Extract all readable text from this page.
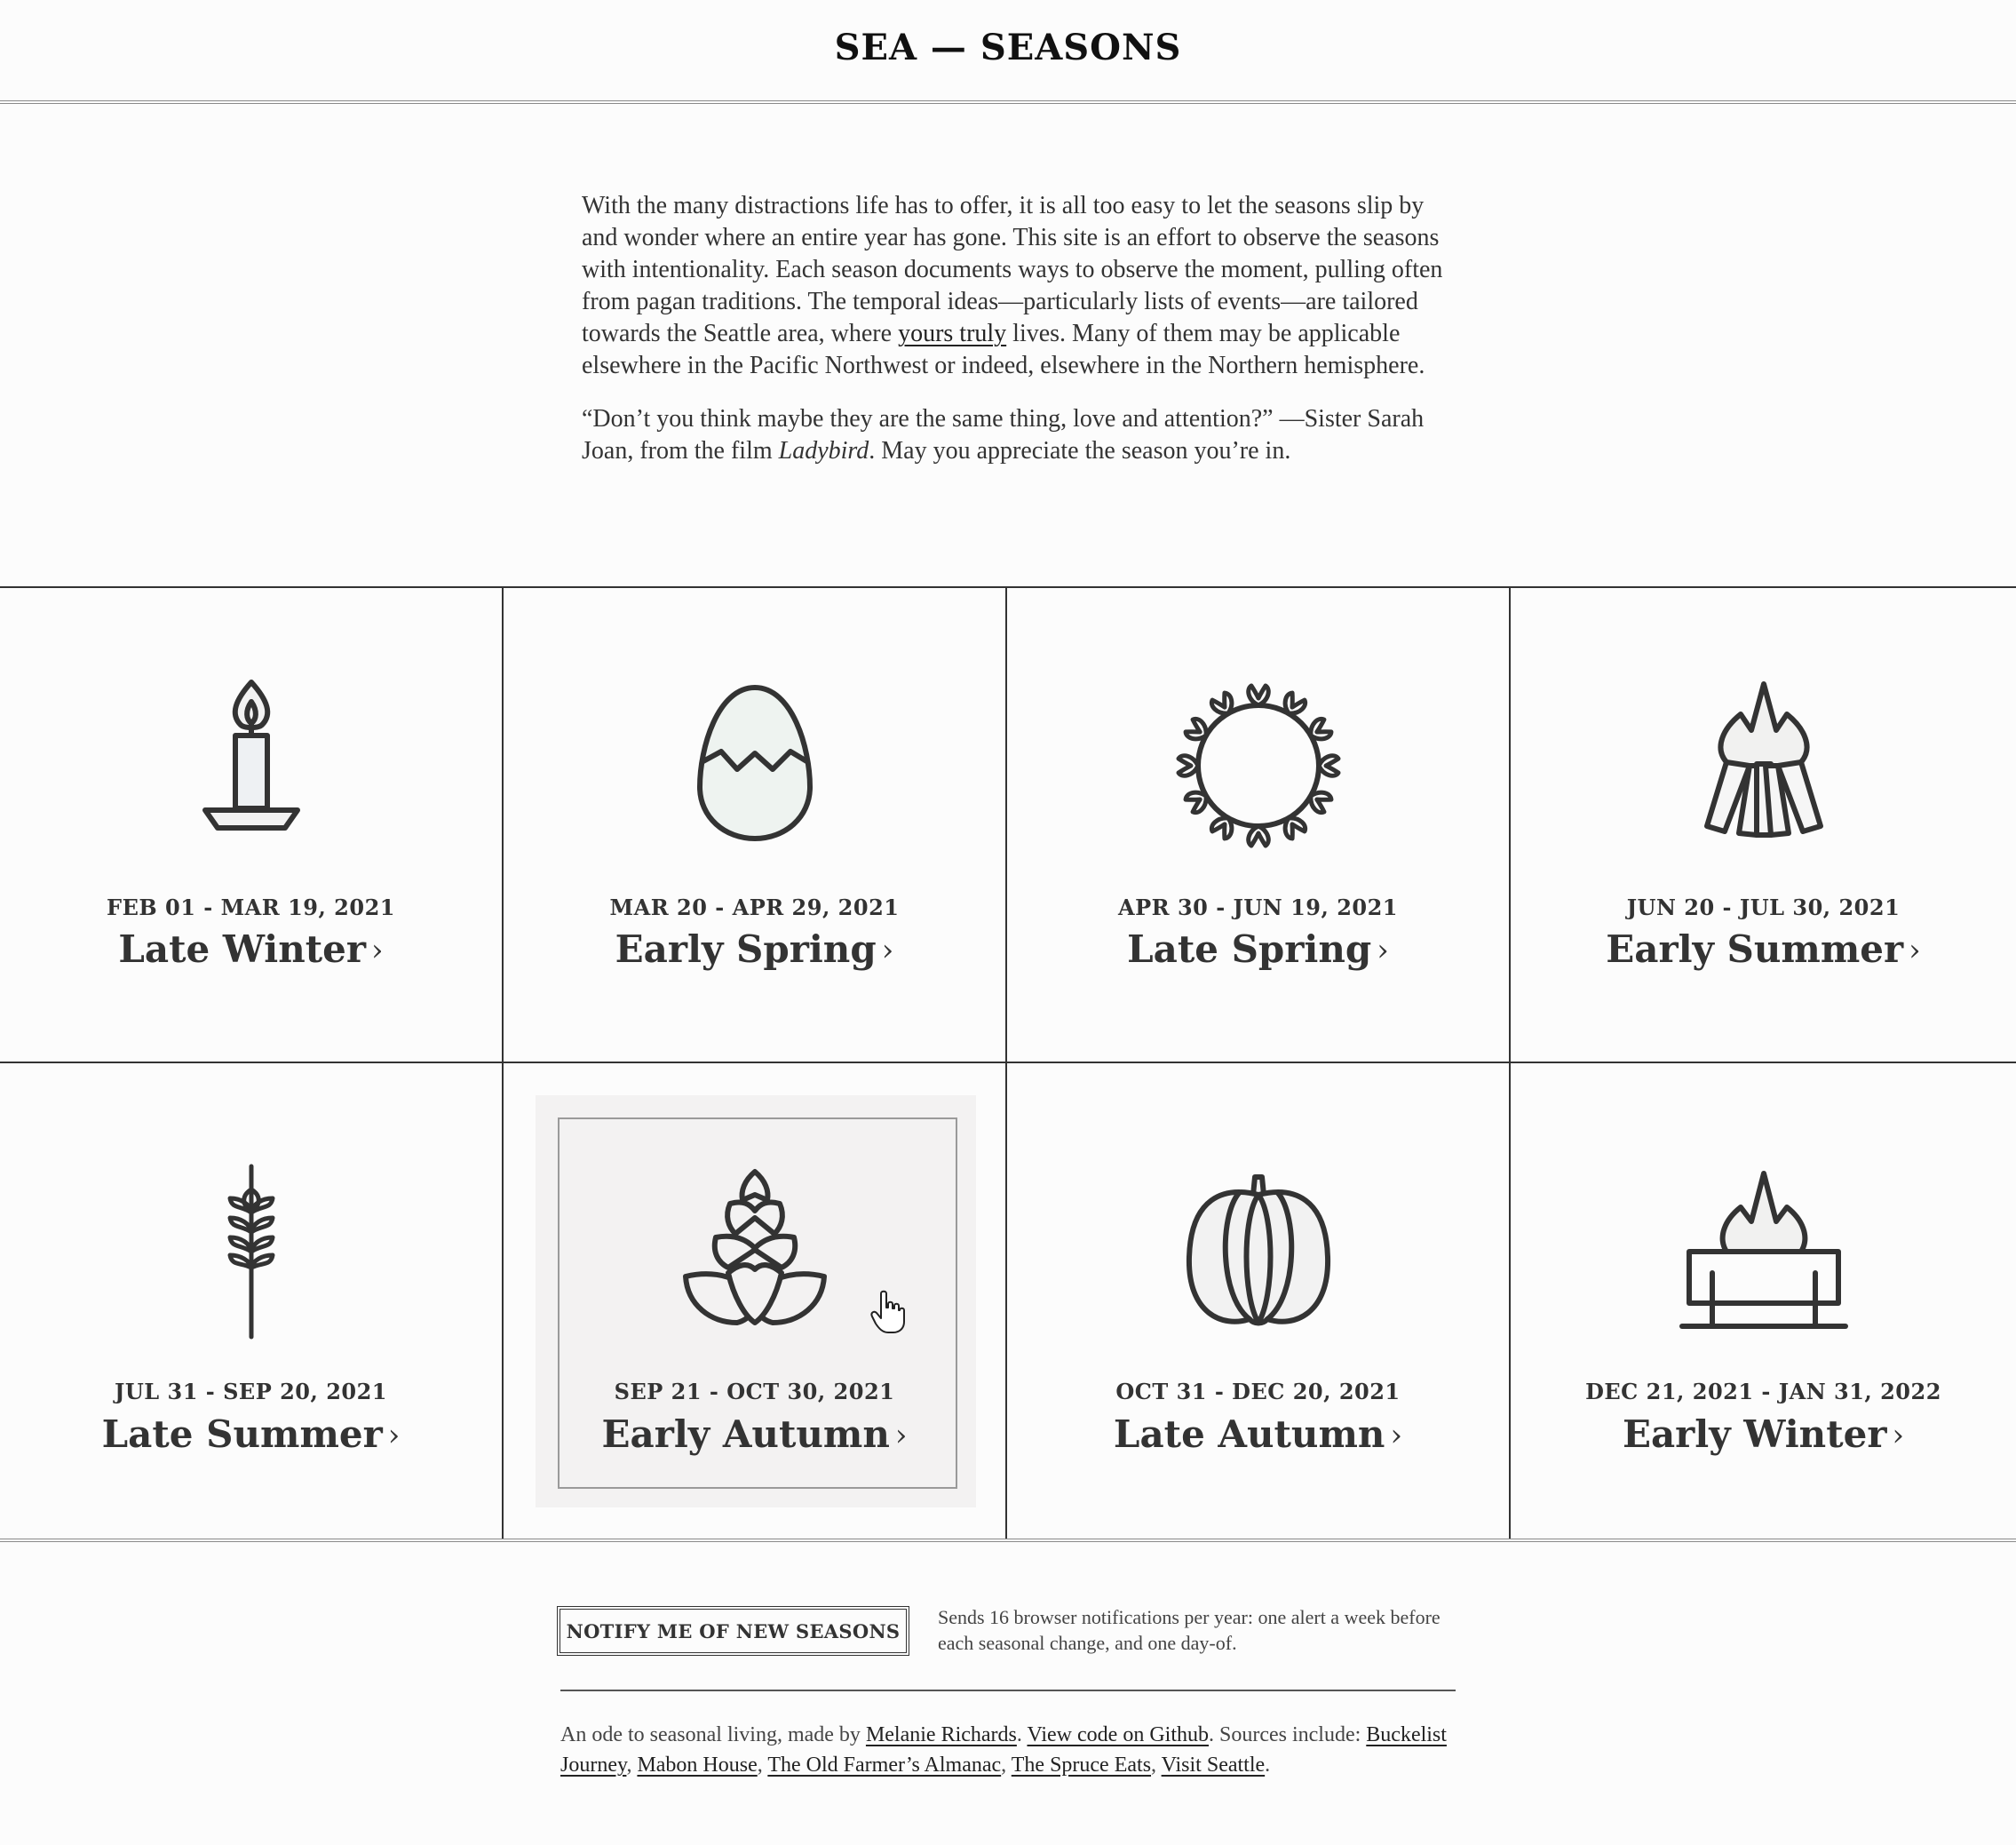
SEA — SEASONS

With the many distractions life has to offer, it is all too easy to let the seasons slip by and wonder where an entire year has gone. This site is an effort to observe the seasons with intentionality. Each season documents ways to observe the moment, pulling often from pagan traditions. The temporal ideas—particularly lists of events—are tailored towards the Seattle area, where yours truly lives. Many of them may be applicable elsewhere in the Pacific Northwest or indeed, elsewhere in the Northern hemisphere.

“Don’t you think maybe they are the same thing, love and attention?” —Sister Sarah Joan, from the film Ladybird. May you appreciate the season you’re in.

FEB 01 - MAR 19, 2021
Late Winter ›
MAR 20 - APR 29, 2021
Early Spring ›
APR 30 - JUN 19, 2021
Late Spring ›
JUN 20 - JUL 30, 2021
Early Summer ›
JUL 31 - SEP 20, 2021
Late Summer ›
SEP 21 - OCT 30, 2021
Early Autumn ›
OCT 31 - DEC 20, 2021
Late Autumn ›
DEC 21, 2021 - JAN 31, 2022
Early Winter ›
NOTIFY ME OF NEW SEASONS
Sends 16 browser notifications per year: one alert a week before each seasonal change, and one day-of.
An ode to seasonal living, made by Melanie Richards. View code on Github. Sources include: Buckelist Journey, Mabon House, The Old Farmer’s Almanac, The Spruce Eats, Visit Seattle.
